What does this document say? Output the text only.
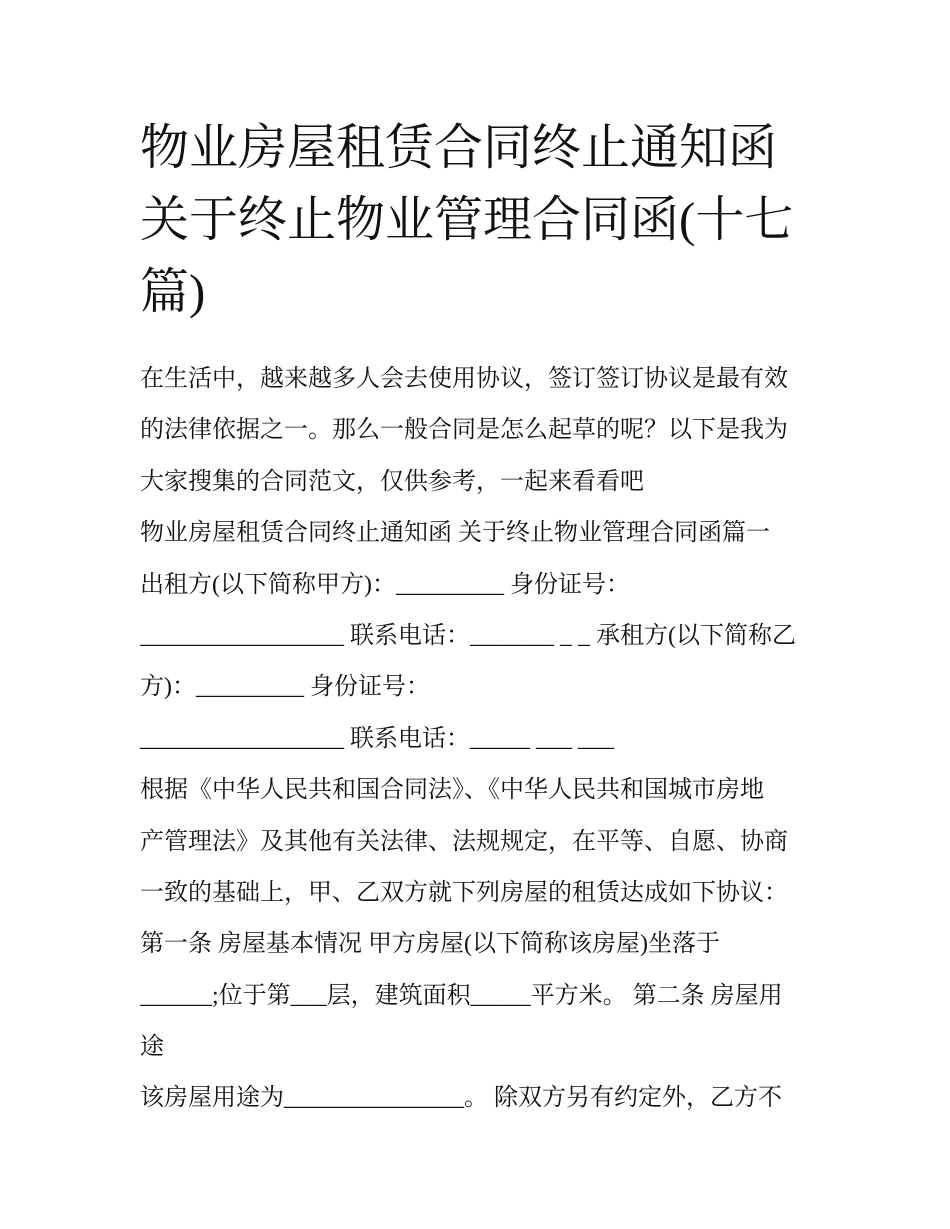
物业房屋租赁合同终止通知函
关于终止物业管理合同函(十七
篇)
在生活中，越来越多人会去使用协议，签订签订协议是最有效
的法律依据之一。那么一般合同是怎么起草的呢？以下是我为
大家搜集的合同范文，仅供参考，一起来看看吧
物业房屋租赁合同终止通知函 关于终止物业管理合同函篇一
出租方(以下简称甲方)：_________ 身份证号：
_________________ 联系电话：_______ _ _ 承租方(以下简称乙
方)：_________ 身份证号：
_________________ 联系电话：_____ ___ ___
根据《中华人民共和国合同法》、《中华人民共和国城市房地
产管理法》及其他有关法律、法规规定，在平等、自愿、协商
一致的基础上，甲、乙双方就下列房屋的租赁达成如下协议：
第一条 房屋基本情况 甲方房屋(以下简称该房屋)坐落于
______;位于第___层，建筑面积_____平方米。 第二条 房屋用
途
该房屋用途为_______________。 除双方另有约定外，乙方不
